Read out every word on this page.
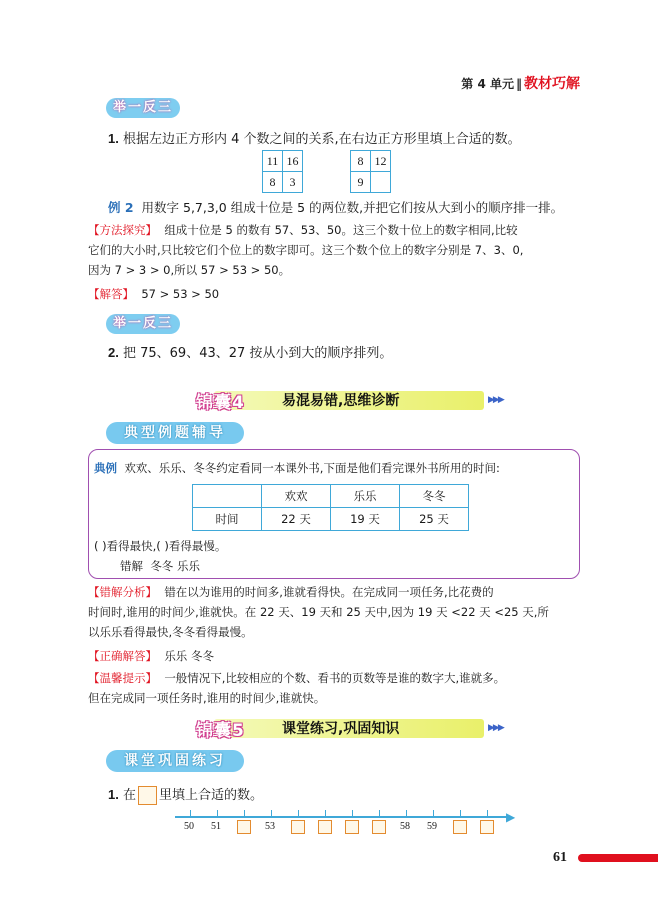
第 4 单元 ‖ 教材巧解
举一反三
1. 根据左边正方形内 4 个数之间的关系,在右边正方形里填上合适的数。
11	16
8	3
8	12
9	
例 2 用数字 5,7,3,0 组成十位是 5 的两位数,并把它们按从大到小的顺序排一排。
【方法探究】 组成十位是 5 的数有 57、53、50。这三个数十位上的数字相同,比较
它们的大小时,只比较它们个位上的数字即可。这三个数个位上的数字分别是 7、3、0,
因为 7 > 3 > 0,所以 57 > 53 > 50。
【解答】 57 > 53 > 50
举一反三
2. 把 75、69、43、27 按从小到大的顺序排列。
锦囊4	易混易错,思维诊断	▶▶▶
典型例题辅导
典例 欢欢、乐乐、冬冬约定看同一本课外书,下面是他们看完课外书所用的时间:
	欢欢	乐乐	冬冬
时间	22 天	19 天	25 天
( )看得最快,( )看得最慢。
错解 冬冬 乐乐
【错解分析】 错在以为谁用的时间多,谁就看得快。在完成同一项任务,比花费的
时间时,谁用的时间少,谁就快。在 22 天、19 天和 25 天中,因为 19 天 <22 天 <25 天,所
以乐乐看得最快,冬冬看得最慢。
【正确解答】 乐乐 冬冬
【温馨提示】 一般情况下,比较相应的个数、看书的页数等是谁的数字大,谁就多。
但在完成同一项任务时,谁用的时间少,谁就快。
锦囊5	课堂练习,巩固知识	▶▶▶
课堂巩固练习
1. 在 里填上合适的数。
▶
50 51	53	58 59
61
